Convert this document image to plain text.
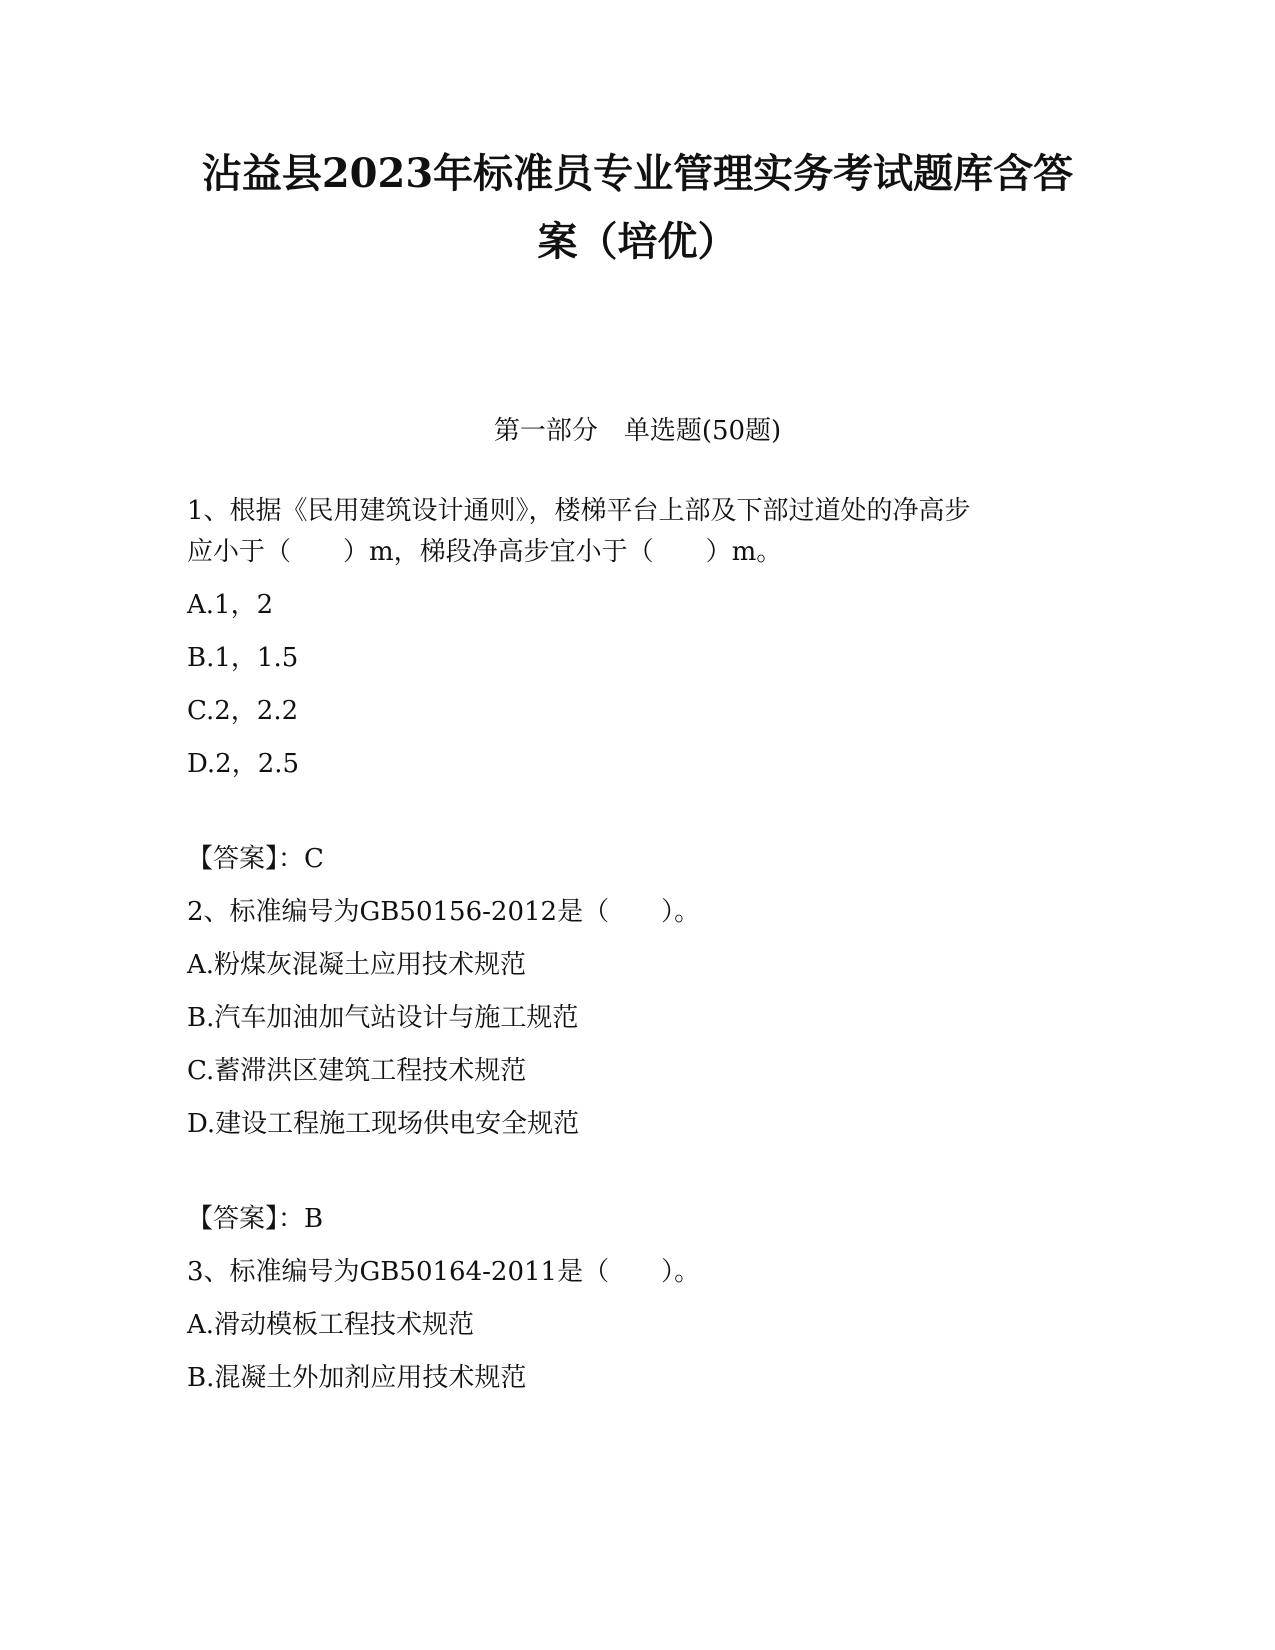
沾益县2023年标准员专业管理实务考试题库含答
案（培优）
第一部分　单选题(50题)
1、根据《民用建筑设计通则》，楼梯平台上部及下部过道处的净高步
应小于（　　）m，梯段净高步宜小于（　　）m。
A.1，2
B.1，1.5
C.2，2.2
D.2，2.5
【答案】：C
2、标准编号为GB50156-2012是（　　）。
A.粉煤灰混凝土应用技术规范
B.汽车加油加气站设计与施工规范
C.蓄滞洪区建筑工程技术规范
D.建设工程施工现场供电安全规范
【答案】：B
3、标准编号为GB50164-2011是（　　）。
A.滑动模板工程技术规范
B.混凝土外加剂应用技术规范
